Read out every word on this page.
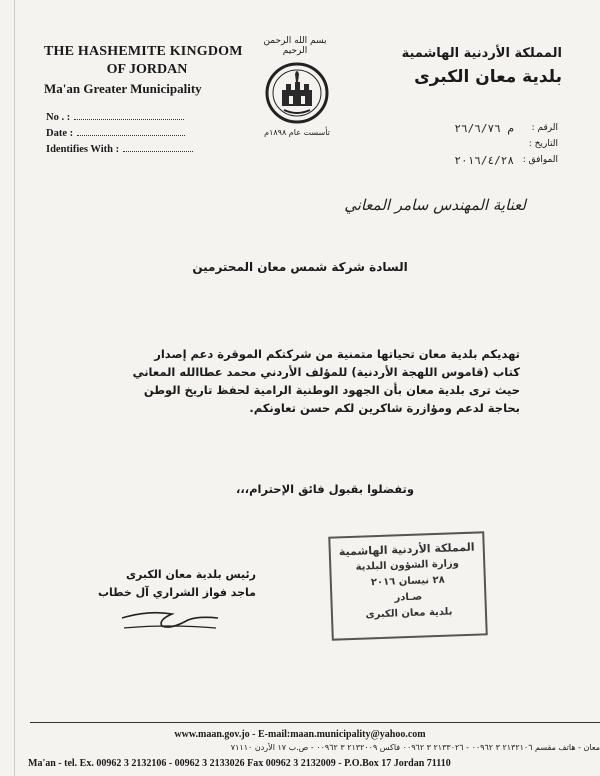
THE HASHEMITE KINGDOM
OF JORDAN
Ma'an Greater Municipality
No . :
Date :
Identifies With :
بسم الله الرحمن الرحيم
تأسست عام ١٨٩٨م
المملكة الأردنية الهاشمية
بلدية معان الكبرى
الرقم :
م ٢٦/٦/٧٦
التاريخ :
الموافق :
٢٠١٦/٤/٢٨
لعناية المهندس سامر المعاني
السادة شركة شمس معان المحترمين
تهديكم بلدية معان تحياتها متمنية من شركتكم الموقرة دعم إصدار
كتاب (قاموس اللهجة الأردنية) للمؤلف الأردني محمد عطاالله المعاني
حيث ترى بلدية معان بأن الجهود الوطنية الرامية لحفظ تاريخ الوطن
بحاجة لدعم ومؤازرة شاكرين لكم حسن تعاونكم.
وتفضلوا بقبول فائق الإحترام،،،
رئيس بلدية معان الكبرى
ماجد فواز الشراري آل خطاب
المملكة الأردنية الهاشمية
وزارة الشؤون البلدية
٢٨ نيسان ٢٠١٦
صـادر
بلدية معان الكبرى
www.maan.gov.jo - E-mail:maan.municipality@yahoo.com
معان - هاتف مقسم ٢١٣٢١٠٦ ٣ ٠٠٩٦٢ - ٢١٣٣٠٢٦ ٣ ٠٠٩٦٢ فاكس ٢١٣٢٠٠٩ ٣ ٠٠٩٦٢ - ص.ب ١٧ الأردن ٧١١١٠
Ma'an - tel. Ex. 00962 3 2132106 - 00962 3 2133026 Fax 00962 3 2132009 - P.O.Box 17 Jordan 71110
